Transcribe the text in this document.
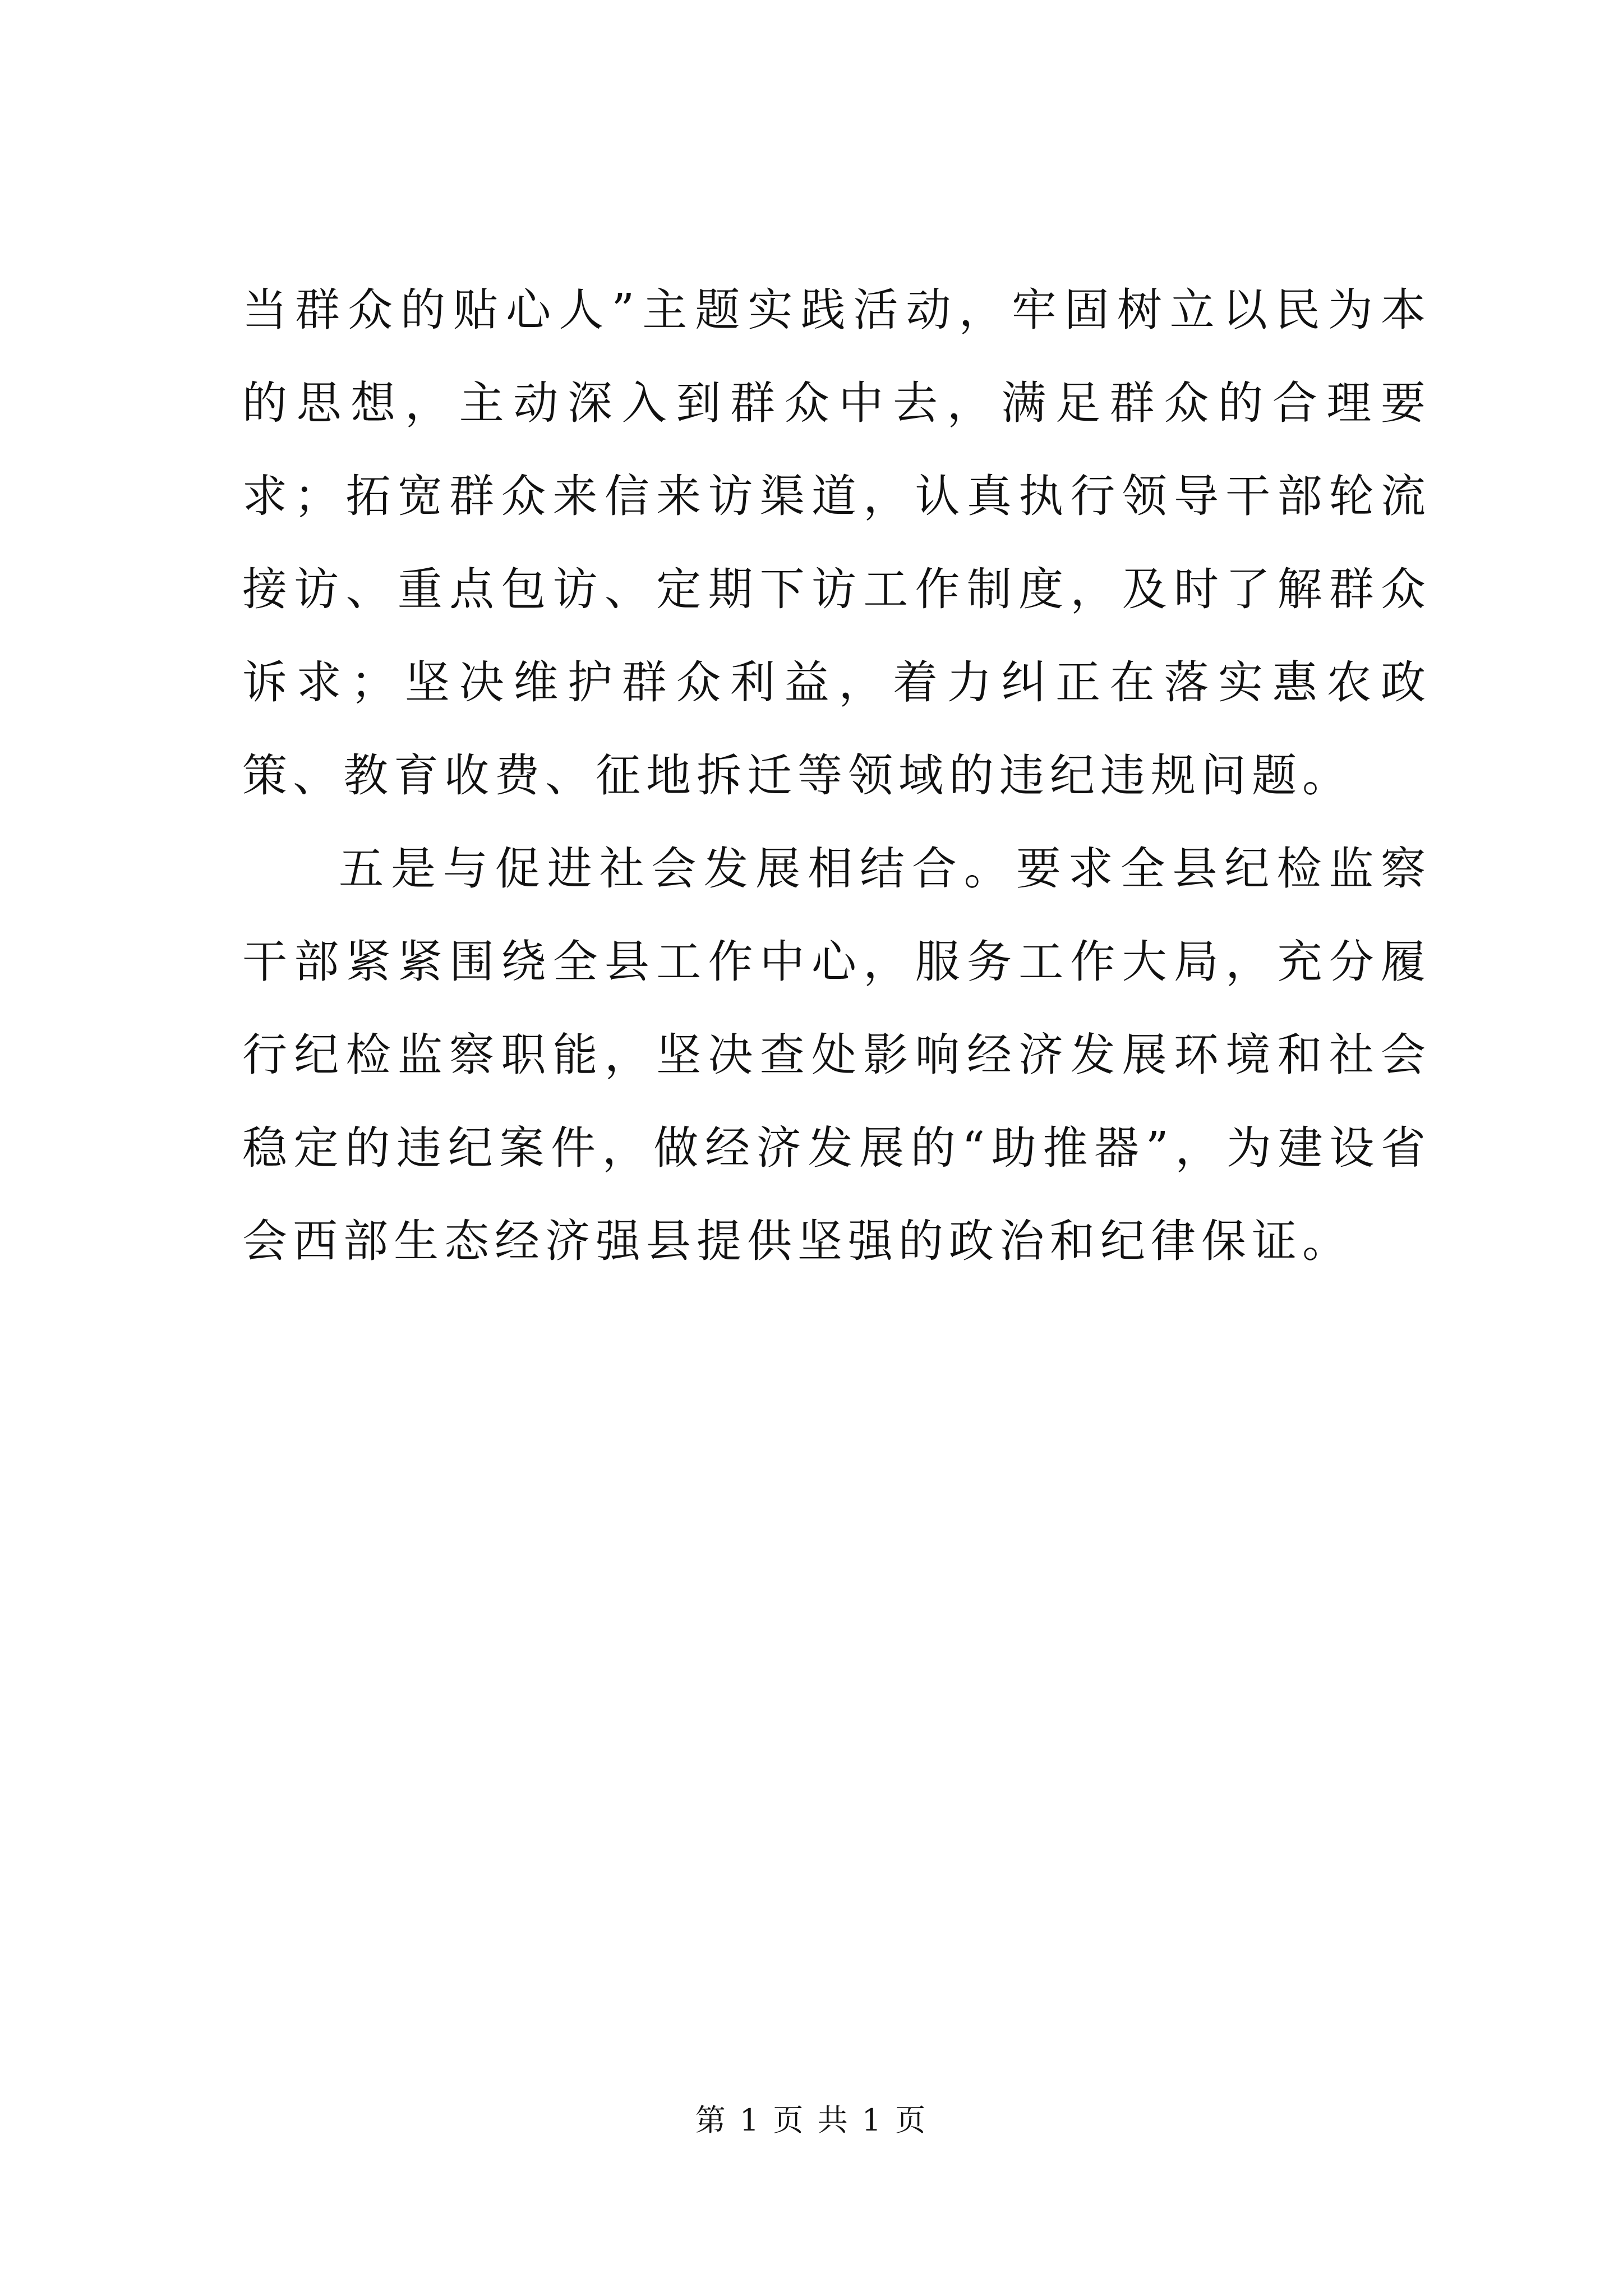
当群众的贴心人”主题实践活动，牢固树立以民为本的思想，主动深入到群众中去，满足群众的合理要求；拓宽群众来信来访渠道，认真执行领导干部轮流接访、重点包访、定期下访工作制度，及时了解群众诉求；坚决维护群众利益，着力纠正在落实惠农政策、教育收费、征地拆迁等领域的违纪违规问题。

五是与促进社会发展相结合。要求全县纪检监察干部紧紧围绕全县工作中心，服务工作大局，充分履行纪检监察职能，坚决查处影响经济发展环境和社会稳定的违纪案件，做经济发展的“助推器”，为建设省会西部生态经济强县提供坚强的政治和纪律保证。

第 1 页 共 1 页
